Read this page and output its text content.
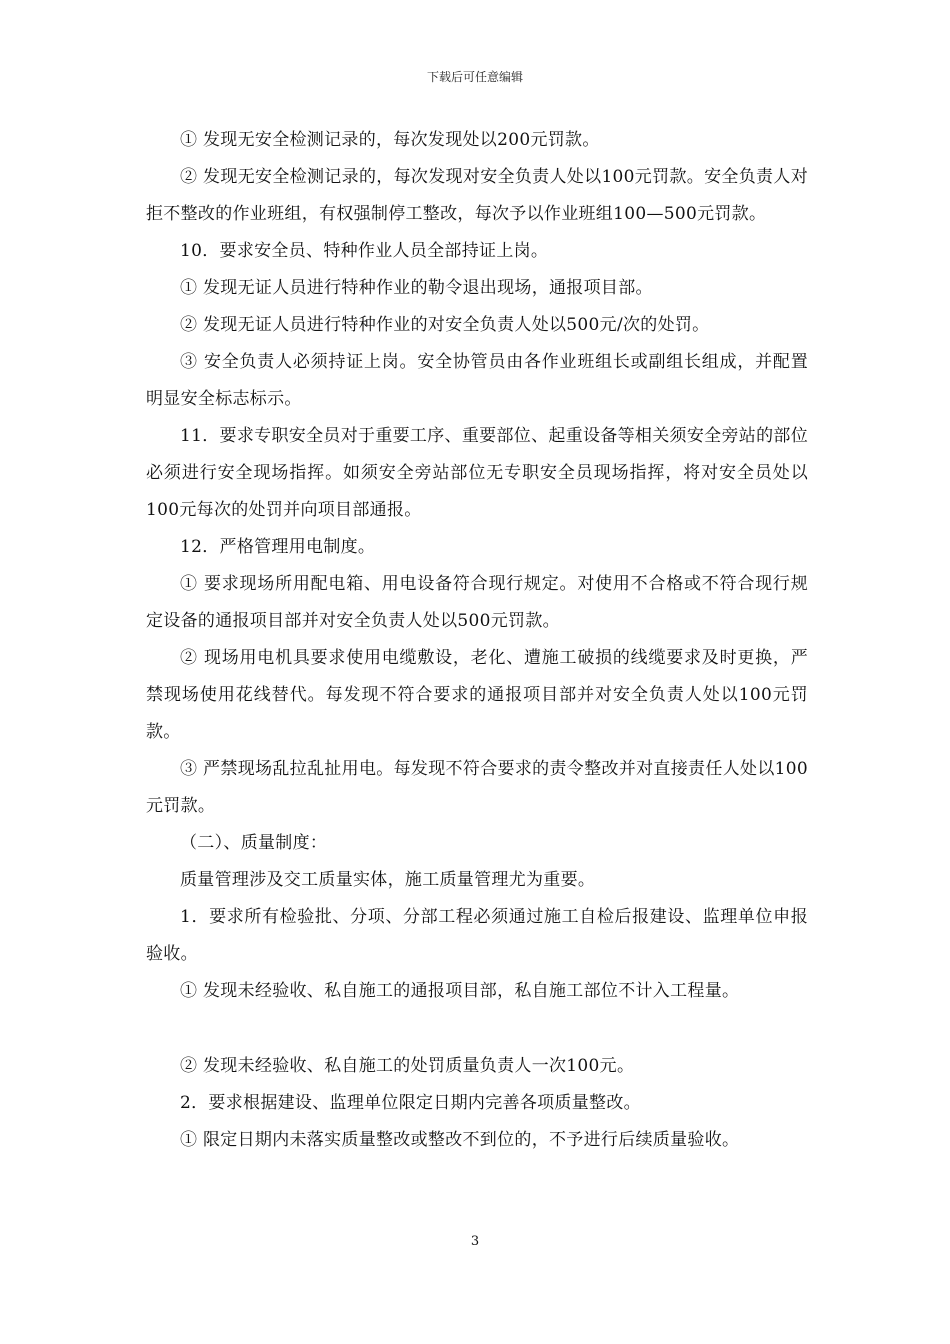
下载后可任意编辑

① 发现无安全检测记录的，每次发现处以200元罚款。

② 发现无安全检测记录的，每次发现对安全负责人处以100元罚款。安全负责人对拒不整改的作业班组，有权强制停工整改，每次予以作业班组100—500元罚款。

10．要求安全员、特种作业人员全部持证上岗。

① 发现无证人员进行特种作业的勒令退出现场，通报项目部。

② 发现无证人员进行特种作业的对安全负责人处以500元/次的处罚。

③ 安全负责人必须持证上岗。安全协管员由各作业班组长或副组长组成，并配置明显安全标志标示。

11．要求专职安全员对于重要工序、重要部位、起重设备等相关须安全旁站的部位必须进行安全现场指挥。如须安全旁站部位无专职安全员现场指挥，将对安全员处以100元每次的处罚并向项目部通报。

12．严格管理用电制度。

① 要求现场所用配电箱、用电设备符合现行规定。对使用不合格或不符合现行规定设备的通报项目部并对安全负责人处以500元罚款。

② 现场用电机具要求使用电缆敷设，老化、遭施工破损的线缆要求及时更换，严禁现场使用花线替代。每发现不符合要求的通报项目部并对安全负责人处以100元罚款。

③ 严禁现场乱拉乱扯用电。每发现不符合要求的责令整改并对直接责任人处以100元罚款。

（二）、质量制度：

质量管理涉及交工质量实体，施工质量管理尤为重要。

1．要求所有检验批、分项、分部工程必须通过施工自检后报建设、监理单位申报验收。

① 发现未经验收、私自施工的通报项目部，私自施工部位不计入工程量。

② 发现未经验收、私自施工的处罚质量负责人一次100元。

2．要求根据建设、监理单位限定日期内完善各项质量整改。

① 限定日期内未落实质量整改或整改不到位的，不予进行后续质量验收。

3
